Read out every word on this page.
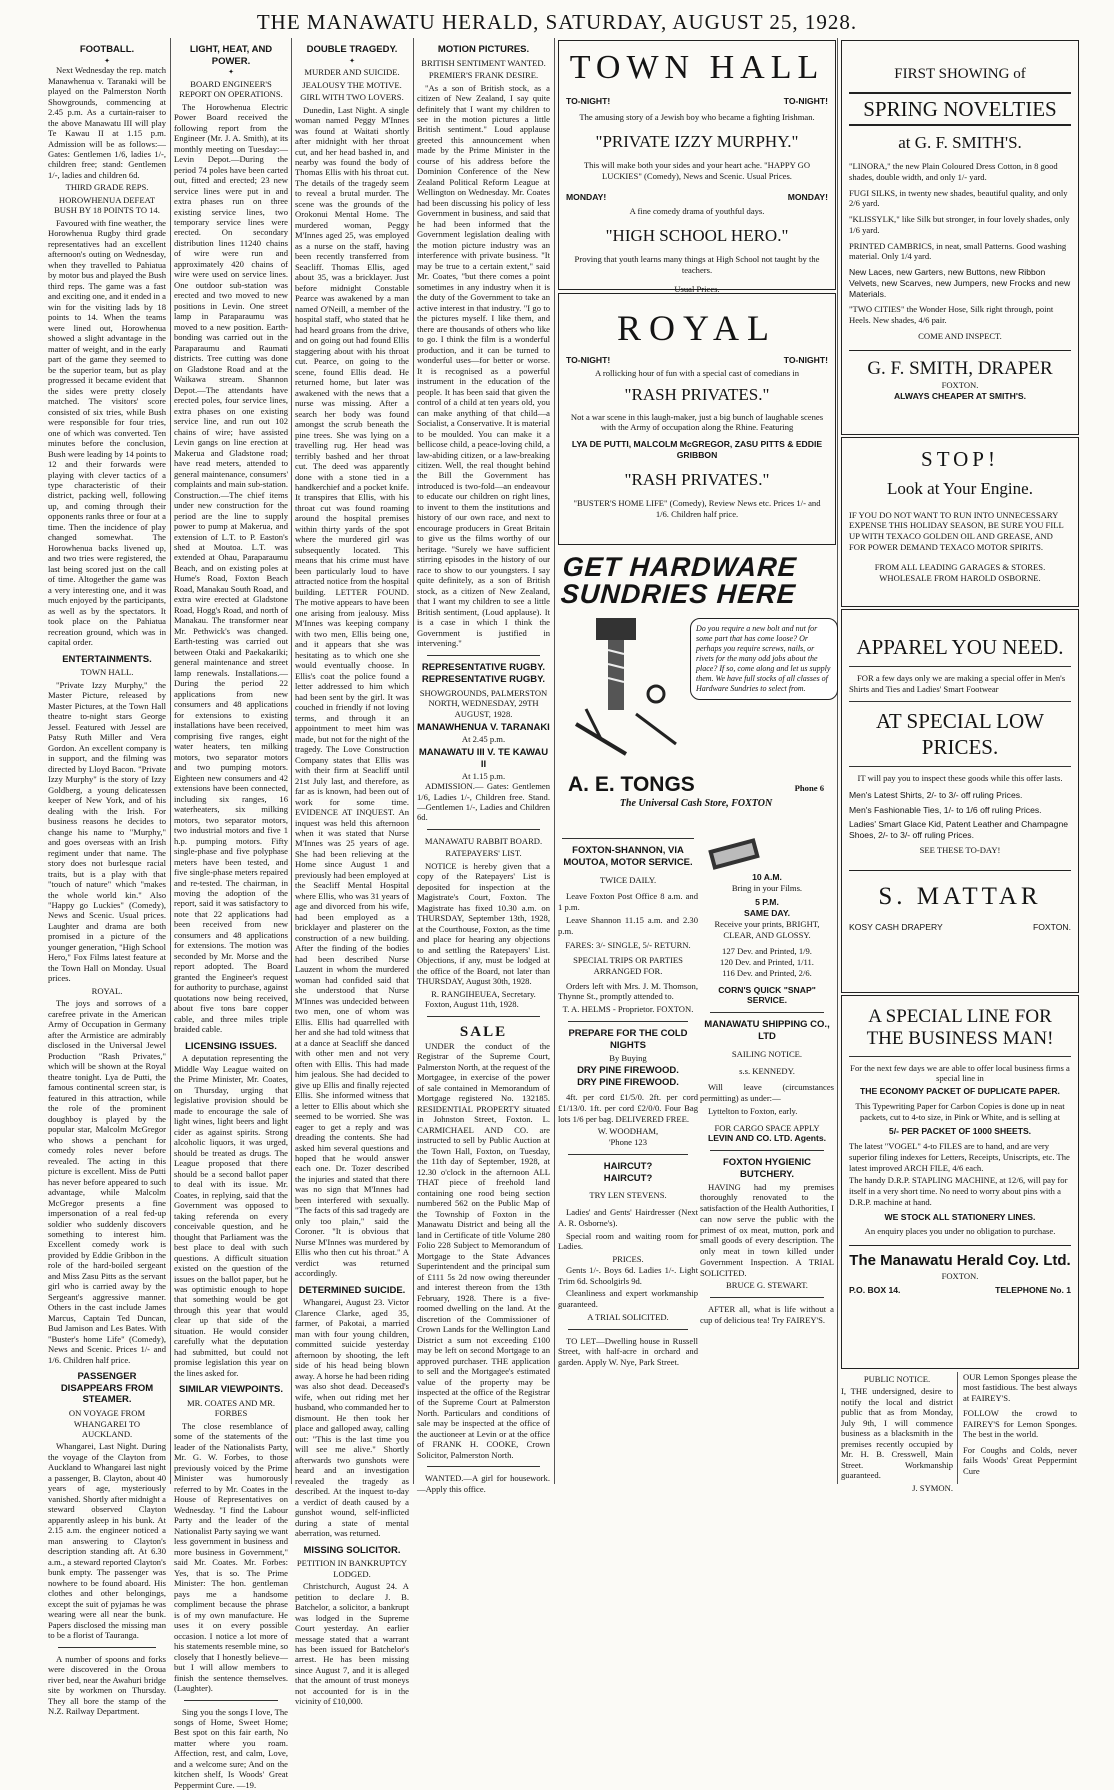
THE MANAWATU HERALD, SATURDAY, AUGUST 25, 1928.
FOOTBALL.
✦

Next Wednesday the rep. match Manawhenua v. Taranaki will be played on the Palmerston North Showgrounds, commencing at 2.45 p.m. As a curtain-raiser to the above Manawatu III will play Te Kawau II at 1.15 p.m. Admission will be as follows:—Gates: Gentlemen 1/6, ladies 1/-, children free; stand: Gentlemen 1/-, ladies and children 6d.

THIRD GRADE REPS.
HOROWHENUA DEFEAT BUSH BY 18 POINTS TO 14.

Favoured with fine weather, the Horowhenua Rugby third grade representatives had an excellent afternoon's outing on Wednesday, when they travelled to Pahiatua by motor bus and played the Bush third reps. The game was a fast and exciting one, and it ended in a win for the visiting lads by 18 points to 14. When the teams were lined out, Horowhenua showed a slight advantage in the matter of weight, and in the early part of the game they seemed to be the superior team, but as play progressed it became evident that the sides were pretty closely matched. The visitors' score consisted of six tries, while Bush were responsible for four tries, one of which was converted. Ten minutes before the conclusion, Bush were leading by 14 points to 12 and their forwards were playing with clever tactics of a type characteristic of their district, packing well, following up, and coming through their opponents ranks three or four at a time. Then the incidence of play changed somewhat. The Horowhenua backs livened up, and two tries were registered, the last being scored just on the call of time. Altogether the game was a very interesting one, and it was much enjoyed by the participants, as well as by the spectators. It took place on the Pahiatua recreation ground, which was in capital order.

ENTERTAINMENTS.
TOWN HALL.

"Private Izzy Murphy," the Master Picture, released by Master Pictures, at the Town Hall theatre to-night stars George Jessel. Featured with Jessel are Patsy Ruth Miller and Vera Gordon. An excellent company is in support, and the filming was directed by Lloyd Bacon. "Private Izzy Murphy" is the story of Izzy Goldberg, a young delicatessen keeper of New York, and of his dealing with the Irish. For business reasons he decides to change his name to "Murphy," and goes overseas with an Irish regiment under that name. The story does not burlesque racial traits, but is a play with that "touch of nature" which "makes the whole world kin." Also "Happy go Luckies" (Comedy), News and Scenic. Usual prices. Laughter and drama are both promised in a picture of the younger generation, "High School Hero," Fox Films latest feature at the Town Hall on Monday. Usual prices.

ROYAL.

The joys and sorrows of a carefree private in the American Army of Occupation in Germany after the Armistice are admirably disclosed in the Universal Jewel Production "Rash Privates," which will be shown at the Royal theatre tonight. Lya de Putti, the famous continental screen star, is featured in this attraction, while the role of the prominent doughboy is played by the popular star, Malcolm McGregor who shows a penchant for comedy roles never before revealed. The acting in this picture is excellent. Miss de Putti has never before appeared to such advantage, while Malcolm McGregor presents a fine impersonation of a real fed-up soldier who suddenly discovers something to interest him. Excellent comedy work is provided by Eddie Gribbon in the role of the hard-boiled sergeant and Miss Zasu Pitts as the servant girl who is carried away by the Sergeant's aggressive manner. Others in the cast include James Marcus, Captain Ted Duncan, Bud Jamison and Les Bates. With "Buster's home Life" (Comedy), News and Scenic. Prices 1/- and 1/6. Children half price.

PASSENGER DISAPPEARS FROM STEAMER.
ON VOYAGE FROM WHANGAREI TO AUCKLAND.

Whangarei, Last Night. During the voyage of the Clayton from Auckland to Whangarei last night a passenger, B. Clayton, about 40 years of age, mysteriously vanished. Shortly after midnight a steward observed Clayton apparently asleep in his bunk. At 2.15 a.m. the engineer noticed a man answering to Clayton's description standing aft. At 6.30 a.m., a steward reported Clayton's bunk empty. The passenger was nowhere to be found aboard. His clothes and other belongings, except the suit of pyjamas he was wearing were all near the bunk. Papers disclosed the missing man to be a florist of Tauranga.

A number of spoons and forks were discovered in the Oroua river bed, near the Awahuri bridge site by workmen on Thursday. They all bore the stamp of the N.Z. Railway Department.

LIGHT, HEAT, AND POWER.
✦
BOARD ENGINEER'S REPORT ON OPERATIONS.

The Horowhenua Electric Power Board received the following report from the Engineer (Mr. J. A. Smith), at its monthly meeting on Tuesday:— Levin Depot.—During the period 74 poles have been carted out, fitted and erected; 23 new service lines were put in and extra phases run on three existing service lines, two temporary service lines were erected. On secondary distribution lines 11240 chains of wire were run and approximately 420 chains of wire were used on service lines. One outdoor sub-station was erected and two moved to new positions in Levin. One street lamp in Paraparaumu was moved to a new position. Earth-bonding was carried out in the Paraparaumu and Raumati districts. Tree cutting was done on Gladstone Road and at the Waikawa stream. Shannon Depot.—The attendants have erected poles, four service lines, extra phases on one existing service line, and run out 102 chains of wire; have assisted Levin gangs on line erection at Makerua and Gladstone road; have read meters, attended to general maintenance, consumers' complaints and main sub-station. Construction.—The chief items under new construction for the period are the line to supply power to pump at Makerua, and extension of L.T. to P. Easton's shed at Moutoa. L.T. was extended at Ohau, Paraparaumu Beach, and on existing poles at Hume's Road, Foxton Beach Road, Manakau South Road, and extra wire erected at Gladstone Road, Hogg's Road, and north of Manakau. The transformer near Mr. Pethwick's was changed. Earth-testing was carried out between Otaki and Paekakariki; general maintenance and street lamp renewals. Installations.—During the period 22 applications from new consumers and 48 applications for extensions to existing installations have been received, comprising five ranges, eight water heaters, ten milking motors, two separator motors and two pumping motors. Eighteen new consumers and 42 extensions have been connected, including six ranges, 16 waterheaters, six milking motors, two separator motors, two industrial motors and five 1 h.p. pumping motors. Fifty single-phase and five polyphase meters have been tested, and five single-phase meters repaired and re-tested. The chairman, in moving the adoption of the report, said it was satisfactory to note that 22 applications had been received from new consumers and 48 applications for extensions. The motion was seconded by Mr. Morse and the report adopted. The Board granted the Engineer's request for authority to purchase, against quotations now being received, about five tons bare copper cable, and three miles triple braided cable.

LICENSING ISSUES.

A deputation representing the Middle Way League waited on the Prime Minister, Mr. Coates, on Thursday, urging that legislative provision should be made to encourage the sale of light wines, light beers and light cider as against spirits. Strong alcoholic liquors, it was urged, should be treated as drugs. The League proposed that there should be a second ballot paper to deal with its issue. Mr. Coates, in replying, said that the Government was opposed to taking referenda on every conceivable question, and he thought that Parliament was the best place to deal with such questions. A difficult situation existed on the question of the issues on the ballot paper, but he was optimistic enough to hope that something would be got through this year that would clear up that side of the situation. He would consider carefully what the deputation had submitted, but could not promise legislation this year on the lines asked for.

SIMILAR VIEWPOINTS.
MR. COATES AND MR. FORBES

The close resemblance of some of the statements of the leader of the Nationalists Party, Mr. G. W. Forbes, to those previously voiced by the Prime Minister was humorously referred to by Mr. Coates in the House of Representatives on Wednesday. "I find the Labour Party and the leader of the Nationalist Party saying we want less government in business and more business in Government," said Mr. Coates. Mr. Forbes: Yes, that is so. The Prime Minister: The hon. gentleman pays me a handsome compliment because the phrase is of my own manufacture. He uses it on every possible occasion. I notice a lot more of his statements resemble mine, so closely that I honestly believe—but I will allow members to finish the sentence themselves. (Laughter).

Sing you the songs I love, The songs of Home, Sweet Home; Best spot on this fair earth, No matter where you roam. Affection, rest, and calm, Love, and a welcome sure; And on the kitchen shelf, Is Woods' Great Peppermint Cure. —19.

DOUBLE TRAGEDY.
✦
MURDER AND SUICIDE.
JEALOUSY THE MOTIVE.
GIRL WITH TWO LOVERS.

Dunedin, Last Night. A single woman named Peggy M'Innes was found at Waitati shortly after midnight with her throat cut, and her head bashed in, and nearby was found the body of Thomas Ellis with his throat cut. The details of the tragedy seem to reveal a brutal murder. The scene was the grounds of the Orokonui Mental Home. The murdered woman, Peggy M'Innes aged 25, was employed as a nurse on the staff, having been recently transferred from Seacliff. Thomas Ellis, aged about 35, was a bricklayer. Just before midnight Constable Pearce was awakened by a man named O'Neill, a member of the hospital staff, who stated that he had heard groans from the drive, and on going out had found Ellis staggering about with his throat cut. Pearce, on going to the scene, found Ellis dead. He returned home, but later was awakened with the news that a nurse was missing. After a search her body was found amongst the scrub beneath the pine trees. She was lying on a travelling rug. Her head was terribly bashed and her throat cut. The deed was apparently done with a stone tied in a handkerchief and a pocket knife. It transpires that Ellis, with his throat cut was found roaming around the hospital premises within thirty yards of the spot where the murdered girl was subsequently located. This means that his crime must have been particularly loud to have attracted notice from the hospital building. LETTER FOUND. The motive appears to have been one arising from jealousy. Miss M'Innes was keeping company with two men, Ellis being one, and it appears that she was hesitating as to which one she would eventually choose. In Ellis's coat the police found a letter addressed to him which had been sent by the girl. It was couched in friendly if not loving terms, and through it an appointment to meet him was made, but not for the night of the tragedy. The Love Construction Company states that Ellis was with their firm at Seacliff until 21st July last, and therefore, as far as is known, had been out of work for some time. EVIDENCE AT INQUEST. An inquest was held this afternoon when it was stated that Nurse M'Innes was 25 years of age. She had been relieving at the Home since August 1 and previously had been employed at the Seacliff Mental Hospital where Ellis, who was 31 years of age and divorced from his wife, had been employed as a bricklayer and plasterer on the construction of a new building. After the finding of the bodies had been described Nurse Lauzent in whom the murdered woman had confided said that she understood that Nurse M'Innes was undecided between two men, one of whom was Ellis. Ellis had quarrelled with her and she had told witness that at a dance at Seacliff she danced with other men and not very often with Ellis. This had made him jealous. She had decided to give up Ellis and finally rejected Ellis. She informed witness that a letter to Ellis about which she seemed to be worried. She was eager to get a reply and was dreading the contents. She had asked him several questions and hoped that he would answer each one. Dr. Tozer described the injuries and stated that there was no sign that M'Innes had been interfered with sexually. "The facts of this sad tragedy are only too plain," said the Coroner. "It is obvious that Nurse M'Innes was murdered by Ellis who then cut his throat." A verdict was returned accordingly.

DETERMINED SUICIDE.

Whangarei, August 23. Victor Clarence Clarke, aged 35, farmer, of Pakotai, a married man with four young children, committed suicide yesterday afternoon by shooting, the left side of his head being blown away. A horse he had been riding was also shot dead. Deceased's wife, when out riding met her husband, who commanded her to dismount. He then took her place and galloped away, calling out: "This is the last time you will see me alive." Shortly afterwards two gunshots were heard and an investigation revealed the tragedy as described. At the inquest to-day a verdict of death caused by a gunshot wound, self-inflicted during a state of mental aberration, was returned.

MISSING SOLICITOR.
PETITION IN BANKRUPTCY LODGED.

Christchurch, August 24. A petition to declare J. B. Batchelor, a solicitor, a bankrupt was lodged in the Supreme Court yesterday. An earlier message stated that a warrant has been issued for Batchelor's arrest. He has been missing since August 7, and it is alleged that the amount of trust moneys not accounted for is in the vicinity of £10,000.

MOTION PICTURES.
BRITISH SENTIMENT WANTED.
PREMIER'S FRANK DESIRE.

"As a son of British stock, as a citizen of New Zealand, I say quite definitely that I want my children to see in the motion pictures a little British sentiment." Loud applause greeted this announcement when made by the Prime Minister in the course of his address before the Dominion Conference of the New Zealand Political Reform League at Wellington on Wednesday. Mr. Coates had been discussing his policy of less Government in business, and said that he had been informed that the Government legislation dealing with the motion picture industry was an interference with private business. "It may be true to a certain extent," said Mr. Coates, "but there comes a point sometimes in any industry when it is the duty of the Government to take an active interest in that industry. "I go to the pictures myself. I like them, and there are thousands of others who like to go. I think the film is a wonderful production, and it can be turned to wonderful uses—for better or worse. It is recognised as a powerful instrument in the education of the people. It has been said that given the control of a child at ten years old, you can make anything of that child—a Socialist, a Conservative. It is material to be moulded. You can make it a bellicose child, a peace-loving child, a law-abiding citizen, or a law-breaking citizen. Well, the real thought behind the Bill the Government has introduced is two-fold—an endeavour to educate our children on right lines, to invent to them the institutions and history of our own race, and next to encourage producers in Great Britain to give us the films worthy of our heritage. "Surely we have sufficient stirring episodes in the history of our race to show to our youngsters. I say quite definitely, as a son of British stock, as a citizen of New Zealand, that I want my children to see a little British sentiment, (Loud applause). It is a case in which I think the Government is justified in intervening."

REPRESENTATIVE RUGBY.
REPRESENTATIVE RUGBY.
SHOWGROUNDS, PALMERSTON NORTH, WEDNESDAY, 29TH AUGUST, 1928.
MANAWHENUA V. TARANAKI
At 2.45 p.m.
MANAWATU III V. TE KAWAU II
At 1.15 p.m.

ADMISSION.— Gates: Gentlemen 1/6, Ladies 1/-, Children free. Stand.—Gentlemen 1/-, Ladies and Children 6d.

MANAWATU RABBIT BOARD.
RATEPAYERS' LIST.

NOTICE is hereby given that a copy of the Ratepayers' List is deposited for inspection at the Magistrate's Court, Foxton. The Magistrate has fixed 10.30 a.m. on THURSDAY, September 13th, 1928, at the Courthouse, Foxton, as the time and place for hearing any objections to and settling the Ratepayers' List. Objections, if any, must be lodged at the office of the Board, not later than THURSDAY, August 30th, 1928.

R. RANGIHEUEA, Secretary.

Foxton, August 11th, 1928.

SALE

UNDER the conduct of the Registrar of the Supreme Court, Palmerston North, at the request of the Mortgagee, in exercise of the power of sale contained in Memorandum of Mortgage registered No. 132185. RESIDENTIAL PROPERTY situated in Johnston Street, Foxton. L. CARMICHAEL AND CO. are instructed to sell by Public Auction at the Town Hall, Foxton, on Tuesday, the 11th day of September, 1928, at 12.30 o'clock in the afternoon ALL THAT piece of freehold land containing one rood being section numbered 562 on the Public Map of the Township of Foxton in the Manawatu District and being all the land in Certificate of title Volume 280 Folio 228 Subject to Memorandum of Mortgage to the State Advances Superintendent and the principal sum of £111 5s 2d now owing thereunder and interest thereon from the 13th February, 1928. There is a five-roomed dwelling on the land. At the discretion of the Commissioner of Crown Lands for the Wellington Land District a sum not exceeding £100 may be left on second Mortgage to an approved purchaser. THE application to sell and the Mortgagee's estimated value of the property may be inspected at the office of the Registrar of the Supreme Court at Palmerston North. Particulars and conditions of sale may be inspected at the office of the auctioneer at Levin or at the office of FRANK H. COOKE, Crown Solicitor, Palmerston North.

WANTED.—A girl for housework. —Apply this office.

TOWN HALL
TO-NIGHT!	TO-NIGHT!
The amusing story of a Jewish boy who became a fighting Irishman.
"PRIVATE IZZY MURPHY."
This will make both your sides and your heart ache. "HAPPY GO LUCKIES" (Comedy), News and Scenic. Usual Prices.
MONDAY!	MONDAY!
A fine comedy drama of youthful days.
"HIGH SCHOOL HERO."
Proving that youth learns many things at High School not taught by the teachers.
Usual Prices.
ROYAL
TO-NIGHT!	TO-NIGHT!
A rollicking hour of fun with a special cast of comedians in
"RASH PRIVATES."
Not a war scene in this laugh-maker, just a big bunch of laughable scenes with the Army of occupation along the Rhine. Featuring
LYA DE PUTTI, MALCOLM McGREGOR, ZASU PITTS & EDDIE GRIBBON
"RASH PRIVATES."
"BUSTER'S HOME LIFE" (Comedy), Review News etc. Prices 1/- and 1/6. Children half price.
GET HARDWARE SUNDRIES HERE
Do you require a new bolt and nut for some part that has come loose? Or perhaps you require screws, nails, or rivets for the many odd jobs about the place? If so, come along and let us supply them. We have full stocks of all classes of Hardware Sundries to select from.
A. E. TONGS	Phone 6
The Universal Cash Store, FOXTON
FOXTON-SHANNON, VIA MOUTOA, MOTOR SERVICE.
TWICE DAILY.

Leave Foxton Post Office 8 a.m. and 1 p.m.

Leave Shannon 11.15 a.m. and 2.30 p.m.

FARES: 3/- SINGLE, 5/- RETURN.
SPECIAL TRIPS OR PARTIES ARRANGED FOR.

Orders left with Mrs. J. M. Thomson, Thynne St., promptly attended to.

T. A. HELMS - Proprietor. FOXTON.
PREPARE FOR THE COLD NIGHTS
By Buying
DRY PINE FIREWOOD.
DRY PINE FIREWOOD.

4ft. per cord £1/5/0. 2ft. per cord £1/13/0. 1ft. per cord £2/0/0. Four Bag lots 1/6 per bag. DELIVERED FREE.

W. WOODHAM,
'Phone 123
HAIRCUT?
HAIRCUT?
TRY LEN STEVENS.

Ladies' and Gents' Hairdresser (Next A. R. Osborne's).

Special room and waiting room for Ladies.

PRICES.

Gents 1/-. Boys 6d. Ladies 1/-. Light Trim 6d. Schoolgirls 9d.

Cleanliness and expert workmanship guaranteed.

A TRIAL SOLICITED.

TO LET—Dwelling house in Russell Street, with half-acre in orchard and garden. Apply W. Nye, Park Street.

10 A.M.
Bring in your Films.
5 P.M.
SAME DAY.
Receive your prints, BRIGHT, CLEAR, AND GLOSSY.
127 Dev. and Printed, 1/9.
120 Dev. and Printed, 1/11.
116 Dev. and Printed, 2/6.
CORN'S QUICK "SNAP" SERVICE.
MANAWATU SHIPPING CO., LTD
SAILING NOTICE.
s.s. KENNEDY.

Will leave (circumstances permitting) as under:—

Lyttelton to Foxton, early.

FOR CARGO SPACE APPLY
LEVIN AND CO. LTD. Agents.
FOXTON HYGIENIC BUTCHERY.

HAVING had my premises thoroughly renovated to the satisfaction of the Health Authorities, I can now serve the public with the primest of ox meat, mutton, pork and small goods of every description. The only meat in town killed under Government Inspection. A TRIAL SOLICITED.

BRUCE G. STEWART.

AFTER all, what is life without a cup of delicious tea! Try FAIREY'S.

FIRST SHOWING of
SPRING NOVELTIES
at G. F. SMITH'S.

"LINORA," the new Plain Coloured Dress Cotton, in 8 good shades, double width, and only 1/- yard.

FUGI SILKS, in twenty new shades, beautiful quality, and only 2/6 yard.

"KLISSYLK," like Silk but stronger, in four lovely shades, only 1/6 yard.

PRINTED CAMBRICS, in neat, small Patterns. Good washing material. Only 1/4 yard.

New Laces, new Garters, new Buttons, new Ribbon Velvets, new Scarves, new Jumpers, new Frocks and new Materials.

"TWO CITIES" the Wonder Hose, Silk right through, point Heels. New shades, 4/6 pair.

COME AND INSPECT.
G. F. SMITH, DRAPER
FOXTON.
ALWAYS CHEAPER AT SMITH'S.
STOP!
Look at Your Engine.

IF YOU DO NOT WANT TO RUN INTO UNNECESSARY EXPENSE THIS HOLIDAY SEASON, BE SURE YOU FILL UP WITH TEXACO GOLDEN OIL AND GREASE, AND FOR POWER DEMAND TEXACO MOTOR SPIRITS.

FROM ALL LEADING GARAGES & STORES.
WHOLESALE FROM HAROLD OSBORNE.
APPAREL YOU NEED.

FOR a few days only we are making a special offer in Men's Shirts and Ties and Ladies' Smart Footwear

AT SPECIAL LOW PRICES.
IT will pay you to inspect these goods while this offer lasts.

Men's Latest Shirts, 2/- to 3/- off ruling Prices.

Men's Fashionable Ties, 1/- to 1/6 off ruling Prices.

Ladies' Smart Glace Kid, Patent Leather and Champagne Shoes, 2/- to 3/- off ruling Prices.

SEE THESE TO-DAY!
S. MATTAR
KOSY CASH DRAPERY	FOXTON.
A SPECIAL LINE FOR THE BUSINESS MAN!
For the next few days we are able to offer local business firms a special line in
THE ECONOMY PACKET OF DUPLICATE PAPER.
This Typewriting Paper for Carbon Copies is done up in neat packets, cut to 4-to size, in Pink or White, and is selling at
5/- PER PACKET OF 1000 SHEETS.

The latest "VOGEL" 4-to FILES are to hand, and are very superior filing indexes for Letters, Receipts, Uniscripts, etc. The latest improved ARCH FILE, 4/6 each.

The handy D.R.P. STAPLING MACHINE, at 12/6, will pay for itself in a very short time. No need to worry about pins with a D.R.P. machine at hand.

WE STOCK ALL STATIONERY LINES.
An enquiry places you under no obligation to purchase.
The Manawatu Herald Coy. Ltd.
FOXTON.
P.O. BOX 14.	TELEPHONE No. 1
PUBLIC NOTICE.

I, THE undersigned, desire to notify the local and district public that as from Monday, July 9th, I will commence business as a blacksmith in the premises recently occupied by Mr. H. B. Cresswell, Main Street. Workmanship guaranteed.

J. SYMON.

OUR Lemon Sponges please the most fastidious. The best always at FAIREY'S.

FOLLOW the crowd to FAIREY'S for Lemon Sponges. The best in the world.

For Coughs and Colds, never fails Woods' Great Peppermint Cure
